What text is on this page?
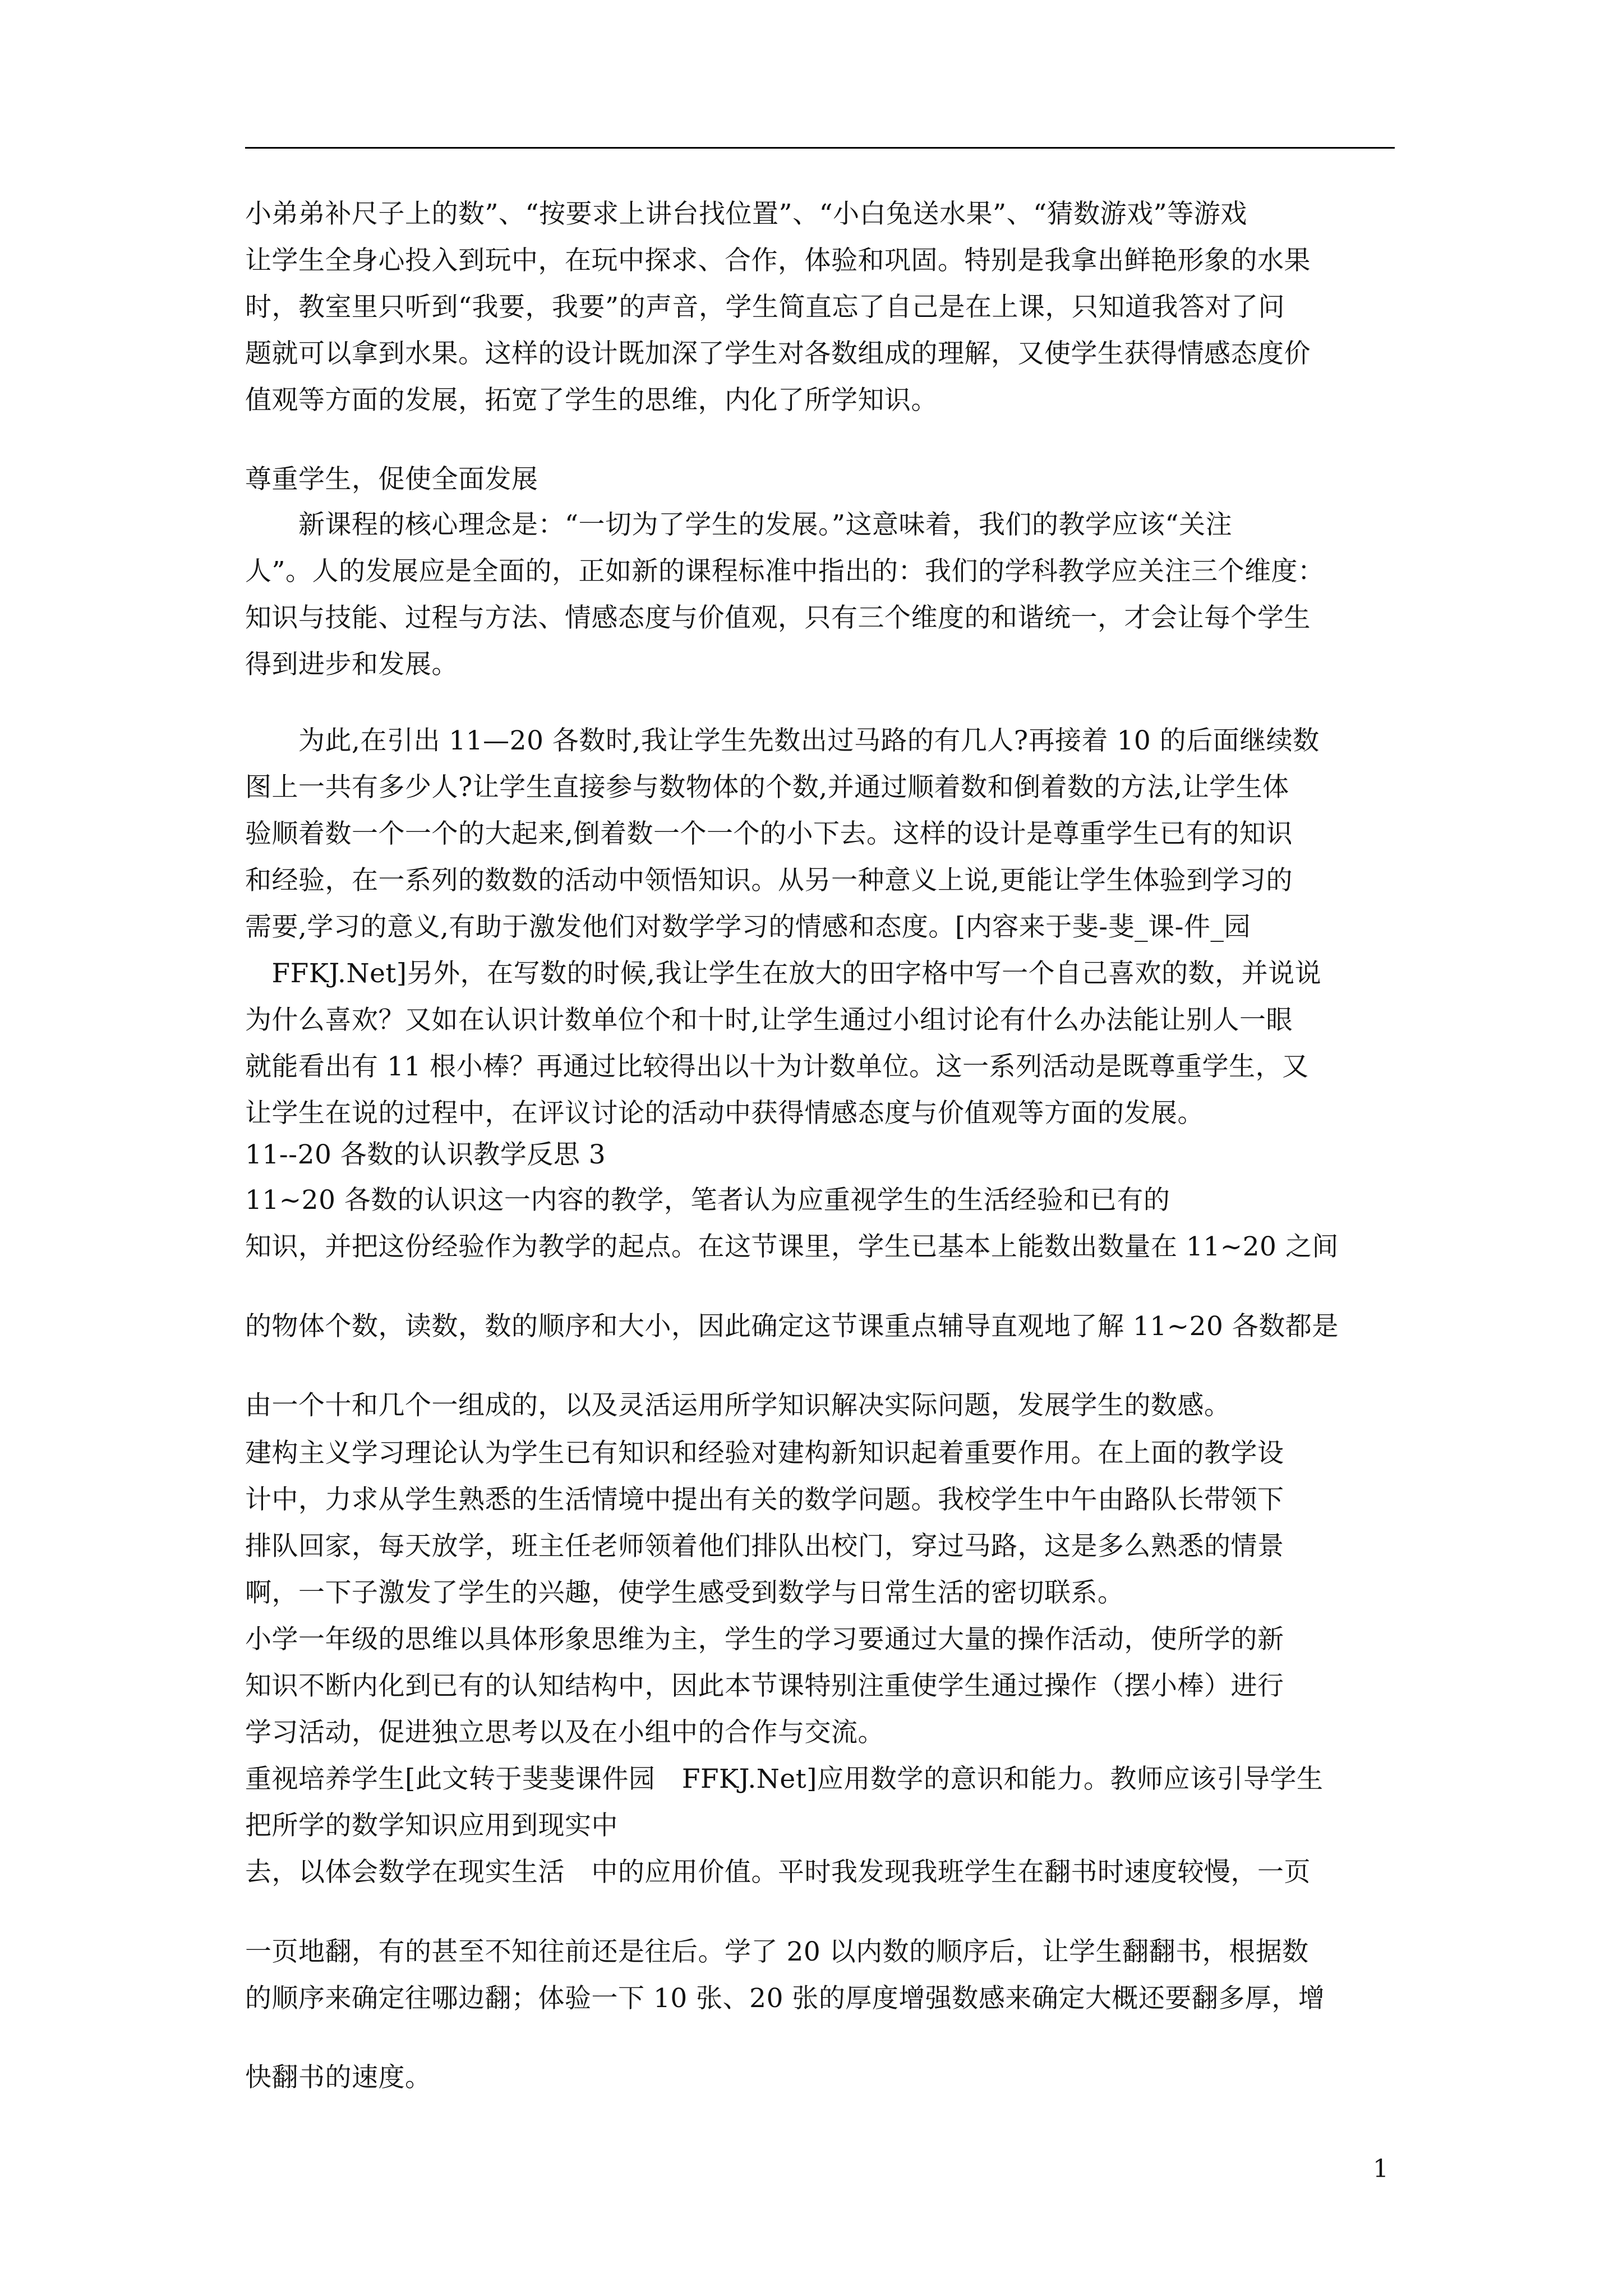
小弟弟补尺子上的数”、“按要求上讲台找位置”、“小白兔送水果”、“猜数游戏”等游戏
让学生全身心投入到玩中，在玩中探求、合作，体验和巩固。特别是我拿出鲜艳形象的水果
时，教室里只听到“我要，我要”的声音，学生简直忘了自己是在上课，只知道我答对了问
题就可以拿到水果。这样的设计既加深了学生对各数组成的理解，又使学生获得情感态度价
值观等方面的发展，拓宽了学生的思维，内化了所学知识。
尊重学生，促使全面发展
　　新课程的核心理念是：“一切为了学生的发展。”这意味着，我们的教学应该“关注
人”。人的发展应是全面的，正如新的课程标准中指出的：我们的学科教学应关注三个维度：
知识与技能、过程与方法、情感态度与价值观，只有三个维度的和谐统一，才会让每个学生
得到进步和发展。
　　为此,在引出 11—20 各数时,我让学生先数出过马路的有几人?再接着 10 的后面继续数
图上一共有多少人?让学生直接参与数物体的个数,并通过顺着数和倒着数的方法,让学生体
验顺着数一个一个的大起来,倒着数一个一个的小下去。这样的设计是尊重学生已有的知识
和经验，在一系列的数数的活动中领悟知识。从另一种意义上说,更能让学生体验到学习的
需要,学习的意义,有助于激发他们对数学学习的情感和态度。[内容来于斐-斐_课-件_园
　FFKJ.Net]另外，在写数的时候,我让学生在放大的田字格中写一个自己喜欢的数，并说说
为什么喜欢？又如在认识计数单位个和十时,让学生通过小组讨论有什么办法能让别人一眼
就能看出有 11 根小棒？再通过比较得出以十为计数单位。这一系列活动是既尊重学生，又
让学生在说的过程中，在评议讨论的活动中获得情感态度与价值观等方面的发展。
11--20 各数的认识教学反思 3
11~20 各数的认识这一内容的教学，笔者认为应重视学生的生活经验和已有的
知识，并把这份经验作为教学的起点。在这节课里，学生已基本上能数出数量在 11~20 之间
的物体个数，读数，数的顺序和大小，因此确定这节课重点辅导直观地了解 11~20 各数都是
由一个十和几个一组成的，以及灵活运用所学知识解决实际问题，发展学生的数感。
建构主义学习理论认为学生已有知识和经验对建构新知识起着重要作用。在上面的教学设
计中，力求从学生熟悉的生活情境中提出有关的数学问题。我校学生中午由路队长带领下
排队回家，每天放学，班主任老师领着他们排队出校门，穿过马路，这是多么熟悉的情景
啊，一下子激发了学生的兴趣，使学生感受到数学与日常生活的密切联系。
小学一年级的思维以具体形象思维为主，学生的学习要通过大量的操作活动，使所学的新
知识不断内化到已有的认知结构中，因此本节课特别注重使学生通过操作（摆小棒）进行
学习活动，促进独立思考以及在小组中的合作与交流。
重视培养学生[此文转于斐斐课件园　FFKJ.Net]应用数学的意识和能力。教师应该引导学生
把所学的数学知识应用到现实中
去，以体会数学在现实生活　中的应用价值。平时我发现我班学生在翻书时速度较慢，一页
一页地翻，有的甚至不知往前还是往后。学了 20 以内数的顺序后，让学生翻翻书，根据数
的顺序来确定往哪边翻；体验一下 10 张、20 张的厚度增强数感来确定大概还要翻多厚，增
快翻书的速度。
1
